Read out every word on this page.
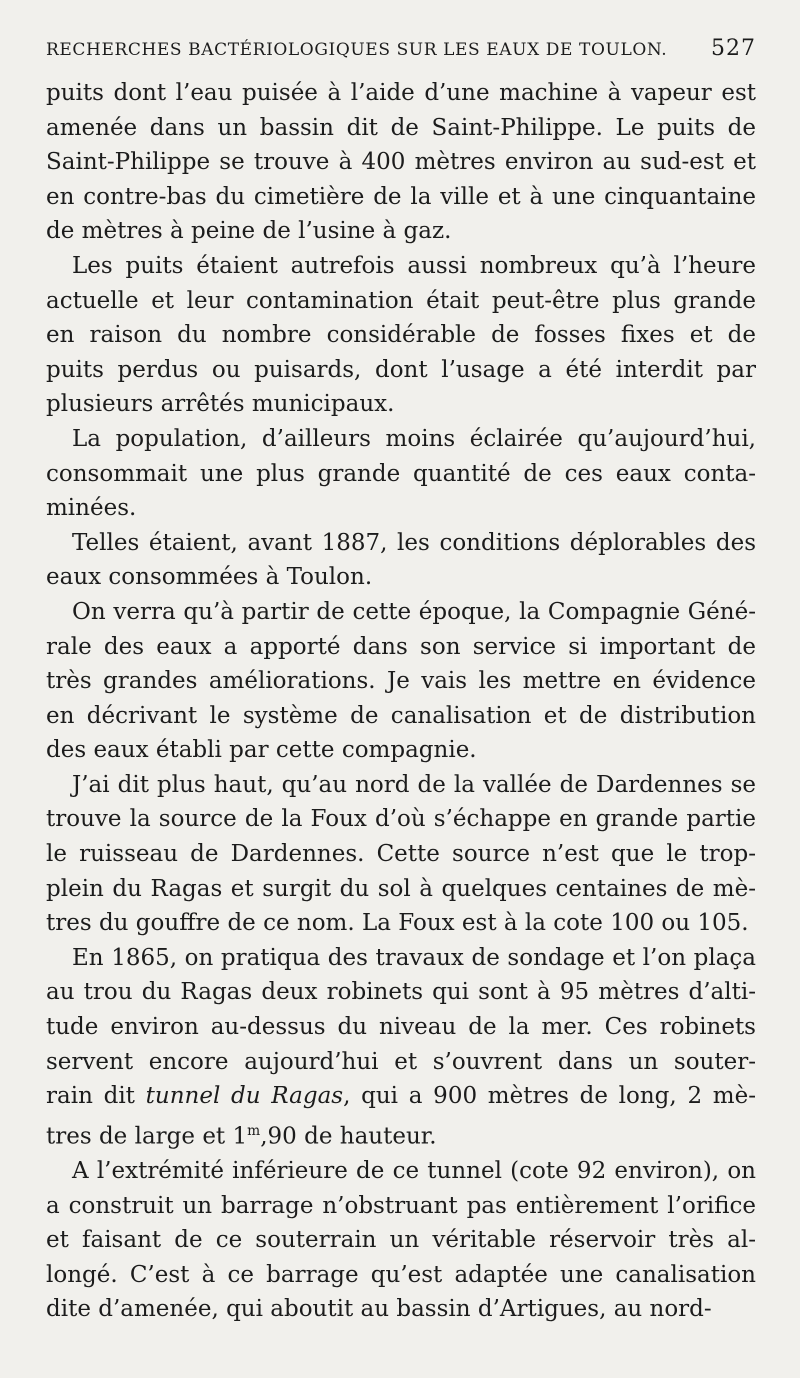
RECHERCHES BACTÉRIOLOGIQUES SUR LES EAUX DE TOULON. 527

puits dont l’eau puisée à l’aide d’une machine à vapeur est
amenée dans un bassin dit de Saint-Philippe. Le puits de
Saint-Philippe se trouve à 400 mètres environ au sud-est et
en contre-bas du cimetière de la ville et à une cinquantaine
de mètres à peine de l’usine à gaz.

Les puits étaient autrefois aussi nombreux qu’à l’heure
actuelle et leur contamination était peut-être plus grande
en raison du nombre considérable de fosses fixes et de
puits perdus ou puisards, dont l’usage a été interdit par
plusieurs arrêtés municipaux.

La population, d’ailleurs moins éclairée qu’aujourd’hui,
consommait une plus grande quantité de ces eaux conta-
minées.

Telles étaient, avant 1887, les conditions déplorables des
eaux consommées à Toulon.

On verra qu’à partir de cette époque, la Compagnie Géné-
rale des eaux a apporté dans son service si important de
très grandes améliorations. Je vais les mettre en évidence
en décrivant le système de canalisation et de distribution
des eaux établi par cette compagnie.

J’ai dit plus haut, qu’au nord de la vallée de Dardennes se
trouve la source de la Foux d’où s’échappe en grande partie
le ruisseau de Dardennes. Cette source n’est que le trop-
plein du Ragas et surgit du sol à quelques centaines de mè-
tres du gouffre de ce nom. La Foux est à la cote 100 ou 105.

En 1865, on pratiqua des travaux de sondage et l’on plaça
au trou du Ragas deux robinets qui sont à 95 mètres d’alti-
tude environ au-dessus du niveau de la mer. Ces robinets
servent encore aujourd’hui et s’ouvrent dans un souter-
rain dit tunnel du Ragas, qui a 900 mètres de long, 2 mè-
tres de large et 1$^m$,90 de hauteur.

A l’extrémité inférieure de ce tunnel (cote 92 environ), on
a construit un barrage n’obstruant pas entièrement l’orifice
et faisant de ce souterrain un véritable réservoir très al-
longé. C’est à ce barrage qu’est adaptée une canalisation
dite d’amenée, qui aboutit au bassin d’Artigues, au nord-
